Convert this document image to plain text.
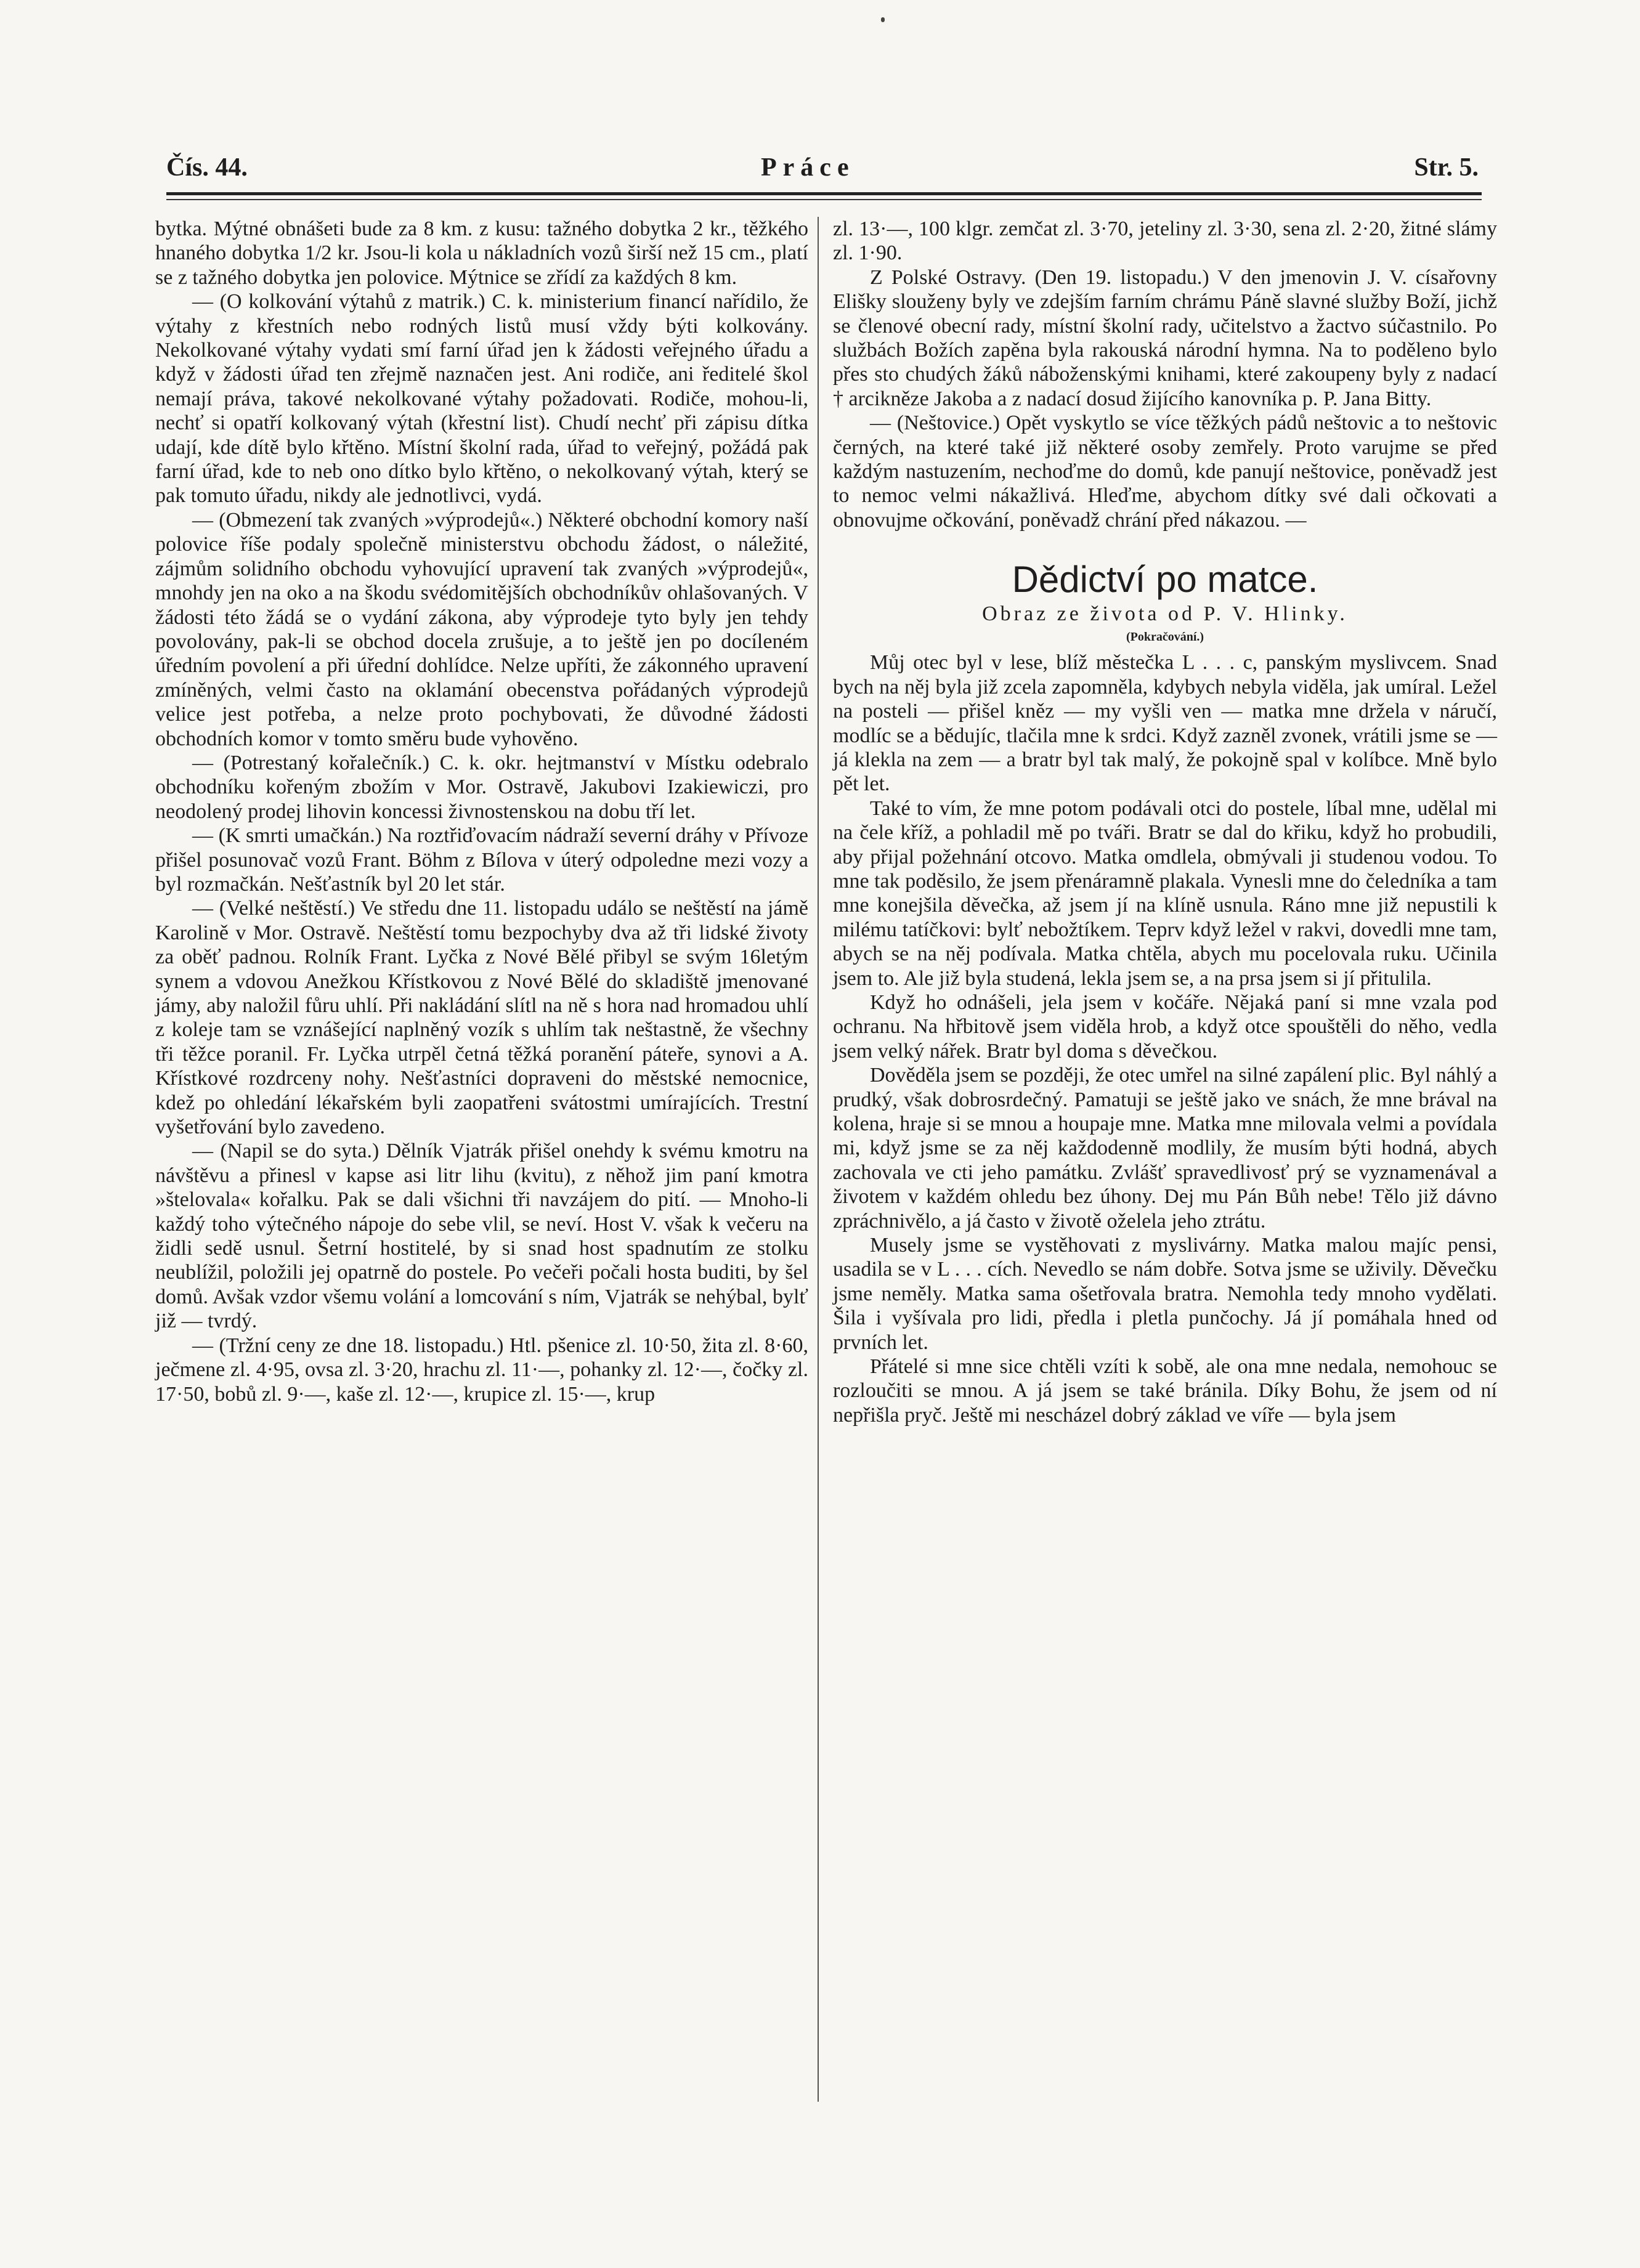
Čís. 44.	Práce	Str. 5.

bytka. Mýtné obnášeti bude za 8 km. z kusu: tažného dobytka 2 kr., těžkého hnaného dobytka 1/2 kr. Jsou-li kola u nákladních vozů širší než 15 cm., platí se z tažného dobytka jen polovice. Mýtnice se zřídí za každých 8 km.

— (O kolkování výtahů z matrik.) C. k. ministerium financí nařídilo, že výtahy z křestních nebo rodných listů musí vždy býti kolkovány. Nekolkované výtahy vydati smí farní úřad jen k žádosti veřejného úřadu a když v žádosti úřad ten zřejmě naznačen jest. Ani rodiče, ani ředitelé škol nemají práva, takové nekolkované výtahy požadovati. Rodiče, mohou-li, nechť si opatří kolkovaný výtah (křestní list). Chudí nechť při zápisu dítka udají, kde dítě bylo křtěno. Místní školní rada, úřad to veřejný, požádá pak farní úřad, kde to neb ono dítko bylo křtěno, o nekolkovaný výtah, který se pak tomuto úřadu, nikdy ale jednotlivci, vydá.

— (Obmezení tak zvaných »výprodejů«.) Některé obchodní komory naší polovice říše podaly společně ministerstvu obchodu žádost, o náležité, zájmům solidního obchodu vyhovující upravení tak zvaných »výprodejů«, mnohdy jen na oko a na škodu svédomitějších obchodníkův ohlašovaných. V žádosti této žádá se o vydání zákona, aby výprodeje tyto byly jen tehdy povolovány, pak-li se obchod docela zrušuje, a to ještě jen po docíleném úředním povolení a při úřední dohlídce. Nelze upříti, že zákonného upravení zmíněných, velmi často na oklamání obecenstva pořádaných výprodejů velice jest potřeba, a nelze proto pochybovati, že důvodné žádosti obchodních komor v tomto směru bude vyhověno.

— (Potrestaný kořalečník.) C. k. okr. hejtmanství v Místku odebralo obchodníku kořeným zbožím v Mor. Ostravě, Jakubovi Izakiewiczi, pro neodolený prodej lihovin koncessi živnostenskou na dobu tří let.

— (K smrti umačkán.) Na roztřiďovacím nádraží severní dráhy v Přívoze přišel posunovač vozů Frant. Böhm z Bílova v úterý odpoledne mezi vozy a byl rozmačkán. Nešťastník byl 20 let stár.

— (Velké neštěstí.) Ve středu dne 11. listopadu událo se neštěstí na jámě Karolině v Mor. Ostravě. Neštěstí tomu bezpochyby dva až tři lidské životy za oběť padnou. Rolník Frant. Lyčka z Nové Bělé přibyl se svým 16letým synem a vdovou Anežkou Křístkovou z Nové Bělé do skladiště jmenované jámy, aby naložil fůru uhlí. Při nakládání slítl na ně s hora nad hromadou uhlí z koleje tam se vznášející naplněný vozík s uhlím tak neštastně, že všechny tři těžce poranil. Fr. Lyčka utrpěl četná těžká poranění páteře, synovi a A. Křístkové rozdrceny nohy. Nešťastníci dopraveni do městské nemocnice, kdež po ohledání lékařském byli zaopatřeni svátostmi umírajících. Trestní vyšetřování bylo zavedeno.

— (Napil se do syta.) Dělník Vjatrák přišel onehdy k svému kmotru na návštěvu a přinesl v kapse asi litr lihu (kvitu), z něhož jim paní kmotra »štelovala« kořalku. Pak se dali všichni tři navzájem do pití. — Mnoho-li každý toho výtečného nápoje do sebe vlil, se neví. Host V. však k večeru na židli sedě usnul. Šetrní hostitelé, by si snad host spadnutím ze stolku neublížil, položili jej opatrně do postele. Po večeři počali hosta buditi, by šel domů. Avšak vzdor všemu volání a lomcování s ním, Vjatrák se nehýbal, bylť již — tvrdý.

— (Tržní ceny ze dne 18. listopadu.) Htl. pšenice zl. 10·50, žita zl. 8·60, ječmene zl. 4·95, ovsa zl. 3·20, hrachu zl. 11·—, pohanky zl. 12·—, čočky zl. 17·50, bobů zl. 9·—, kaše zl. 12·—, krupice zl. 15·—, krup

zl. 13·—, 100 klgr. zemčat zl. 3·70, jeteliny zl. 3·30, sena zl. 2·20, žitné slámy zl. 1·90.

Z Polské Ostravy. (Den 19. listopadu.) V den jmenovin J. V. císařovny Elišky slouženy byly ve zdejším farním chrámu Páně slavné služby Boží, jichž se členové obecní rady, místní školní rady, učitelstvo a žactvo súčastnilo. Po službách Božích zapěna byla rakouská národní hymna. Na to poděleno bylo přes sto chudých žáků náboženskými knihami, které zakoupeny byly z nadací † arcikněze Jakoba a z nadací dosud žijícího kanovníka p. P. Jana Bitty.

— (Neštovice.) Opět vyskytlo se více těžkých pádů neštovic a to neštovic černých, na které také již některé osoby zemřely. Proto varujme se před každým nastuzením, nechoďme do domů, kde panují neštovice, poněvadž jest to nemoc velmi nákažlivá. Hleďme, abychom dítky své dali očkovati a obnovujme očkování, poněvadž chrání před nákazou. —

Dědictví po matce.
Obraz ze života od P. V. Hlinky.
(Pokračování.)

Můj otec byl v lese, blíž městečka L . . . c, panským myslivcem. Snad bych na něj byla již zcela zapomněla, kdybych nebyla viděla, jak umíral. Ležel na posteli — přišel kněz — my vyšli ven — matka mne držela v náručí, modlíc se a bědujíc, tlačila mne k srdci. Když zazněl zvonek, vrátili jsme se — já klekla na zem — a bratr byl tak malý, že pokojně spal v kolíbce. Mně bylo pět let.

Také to vím, že mne potom podávali otci do postele, líbal mne, udělal mi na čele kříž, a pohladil mě po tváři. Bratr se dal do křiku, když ho probudili, aby přijal požehnání otcovo. Matka omdlela, obmývali ji studenou vodou. To mne tak poděsilo, že jsem přenáramně plakala. Vynesli mne do čeledníka a tam mne konejšila děvečka, až jsem jí na klíně usnula. Ráno mne již nepustili k milému tatíčkovi: bylť nebožtíkem. Teprv když ležel v rakvi, dovedli mne tam, abych se na něj podívala. Matka chtěla, abych mu pocelovala ruku. Učinila jsem to. Ale již byla studená, lekla jsem se, a na prsa jsem si jí přitulila.

Když ho odnášeli, jela jsem v kočáře. Nějaká paní si mne vzala pod ochranu. Na hřbitově jsem viděla hrob, a když otce spouštěli do něho, vedla jsem velký nářek. Bratr byl doma s děvečkou.

Dověděla jsem se později, že otec umřel na silné zapálení plic. Byl náhlý a prudký, však dobrosrdečný. Pamatuji se ještě jako ve snách, že mne brával na kolena, hraje si se mnou a houpaje mne. Matka mne milovala velmi a povídala mi, když jsme se za něj každodenně modlily, že musím býti hodná, abych zachovala ve cti jeho památku. Zvlášť spravedlivosť prý se vyznamenával a životem v každém ohledu bez úhony. Dej mu Pán Bůh nebe! Tělo již dávno zpráchnivělo, a já často v životě oželela jeho ztrátu.

Musely jsme se vystěhovati z myslivárny. Matka malou majíc pensi, usadila se v L . . . cích. Nevedlo se nám dobře. Sotva jsme se uživily. Děvečku jsme neměly. Matka sama ošetřovala bratra. Nemohla tedy mnoho vydělati. Šila i vyšívala pro lidi, předla i pletla punčochy. Já jí pomáhala hned od prvních let.

Přátelé si mne sice chtěli vzíti k sobě, ale ona mne nedala, nemohouc se rozloučiti se mnou. A já jsem se také bránila. Díky Bohu, že jsem od ní nepřišla pryč. Ještě mi nescházel dobrý základ ve víře — byla jsem
